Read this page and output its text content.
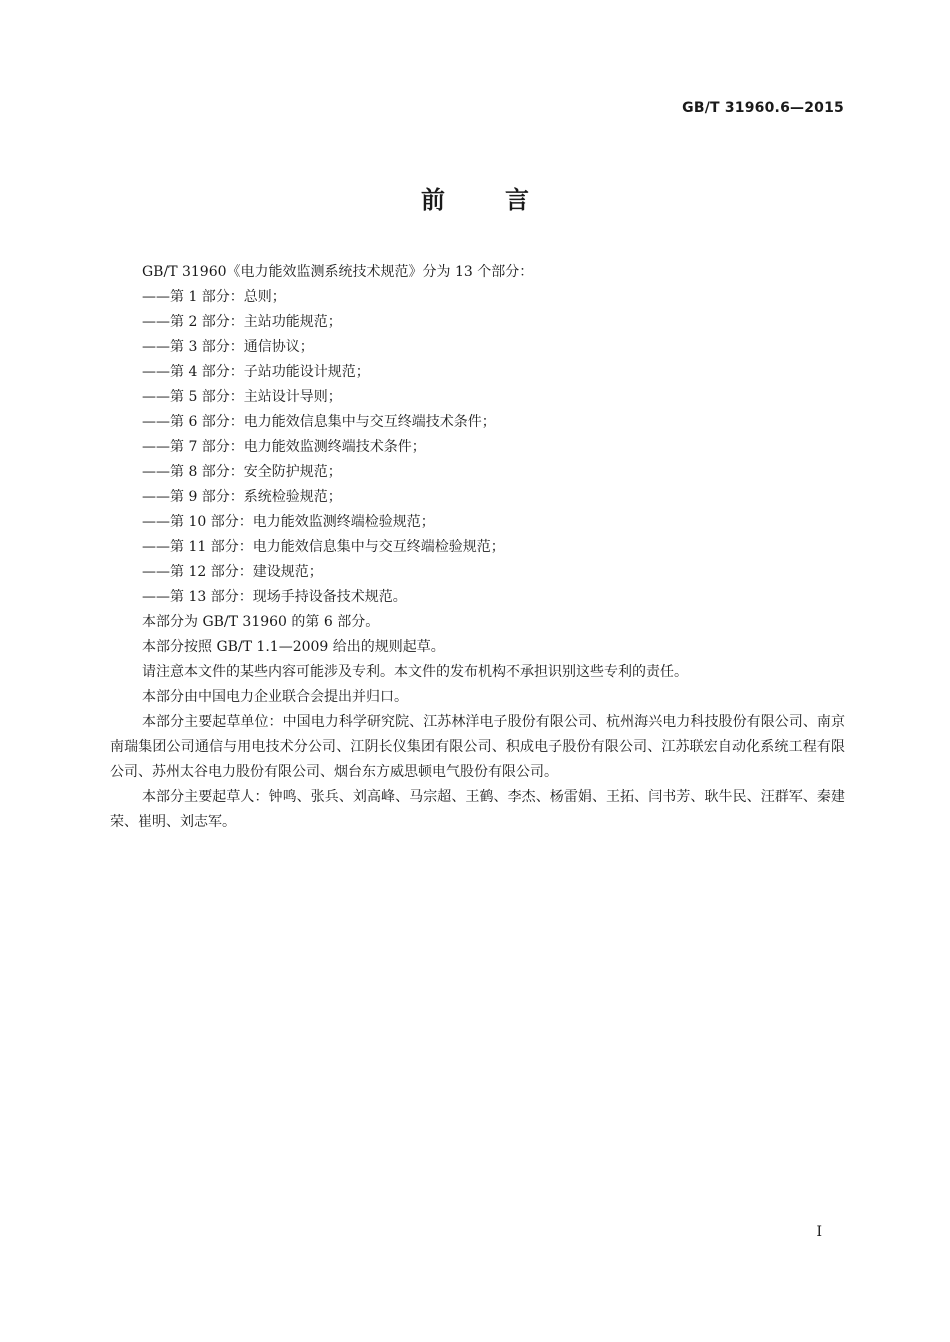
GB/T 31960.6—2015
前言

GB/T 31960《电力能效监测系统技术规范》分为 13 个部分：

——第 1 部分：总则；

——第 2 部分：主站功能规范；

——第 3 部分：通信协议；

——第 4 部分：子站功能设计规范；

——第 5 部分：主站设计导则；

——第 6 部分：电力能效信息集中与交互终端技术条件；

——第 7 部分：电力能效监测终端技术条件；

——第 8 部分：安全防护规范；

——第 9 部分：系统检验规范；

——第 10 部分：电力能效监测终端检验规范；

——第 11 部分：电力能效信息集中与交互终端检验规范；

——第 12 部分：建设规范；

——第 13 部分：现场手持设备技术规范。

本部分为 GB/T 31960 的第 6 部分。

本部分按照 GB/T 1.1—2009 给出的规则起草。

请注意本文件的某些内容可能涉及专利。本文件的发布机构不承担识别这些专利的责任。

本部分由中国电力企业联合会提出并归口。

本部分主要起草单位：中国电力科学研究院、江苏林洋电子股份有限公司、杭州海兴电力科技股份有限公司、南京南瑞集团公司通信与用电技术分公司、江阴长仪集团有限公司、积成电子股份有限公司、江苏联宏自动化系统工程有限公司、苏州太谷电力股份有限公司、烟台东方威思顿电气股份有限公司。

本部分主要起草人：钟鸣、张兵、刘高峰、马宗超、王鹤、李杰、杨雷娟、王拓、闫书芳、耿牛民、汪群军、秦建荣、崔明、刘志军。

I
